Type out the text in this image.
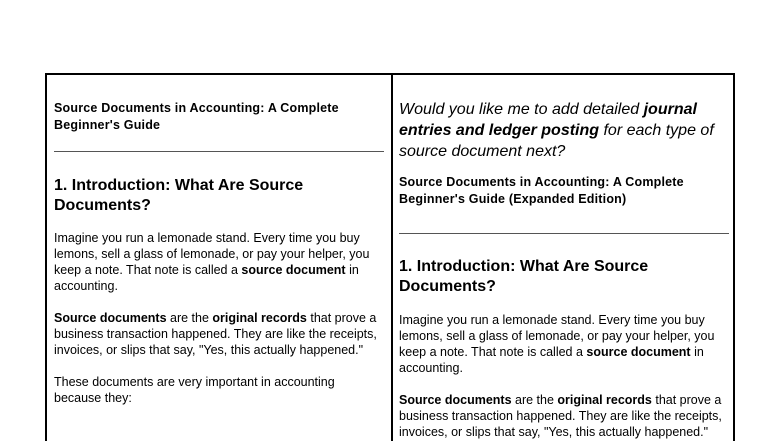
Source Documents in Accounting: A Complete Beginner's Guide

1. Introduction: What Are Source Documents?

Imagine you run a lemonade stand. Every time you buy lemons, sell a glass of lemonade, or pay your helper, you keep a note. That note is called a source document in accounting.

Source documents are the original records that prove a business transaction happened. They are like the receipts, invoices, or slips that say, "Yes, this actually happened."

These documents are very important in accounting because they:

Would you like me to add detailed journal entries and ledger posting for each type of source document next?

Source Documents in Accounting: A Complete Beginner's Guide (Expanded Edition)

1. Introduction: What Are Source Documents?

Imagine you run a lemonade stand. Every time you buy lemons, sell a glass of lemonade, or pay your helper, you keep a note. That note is called a source document in accounting.

Source documents are the original records that prove a business transaction happened. They are like the receipts, invoices, or slips that say, "Yes, this actually happened."
